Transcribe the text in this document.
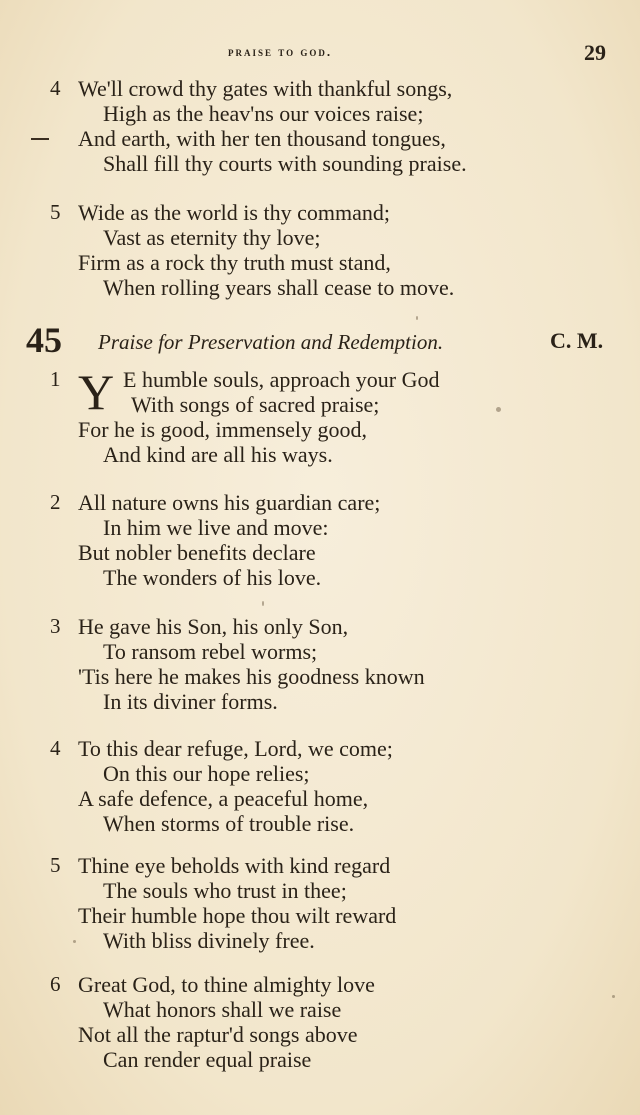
praise to god.	29
4 We'll crowd thy gates with thankful songs,
High as the heav'ns our voices raise;
And earth, with her ten thousand tongues,
Shall fill thy courts with sounding praise.
5 Wide as the world is thy command;
Vast as eternity thy love;
Firm as a rock thy truth must stand,
When rolling years shall cease to move.
45 Praise for Preservation and Redemption.	C. M.
1 Y E humble souls, approach your God
With songs of sacred praise;
For he is good, immensely good,
And kind are all his ways.
2 All nature owns his guardian care;
In him we live and move:
But nobler benefits declare
The wonders of his love.
3 He gave his Son, his only Son,
To ransom rebel worms;
'Tis here he makes his goodness known
In its diviner forms.
4 To this dear refuge, Lord, we come;
On this our hope relies;
A safe defence, a peaceful home,
When storms of trouble rise.
5 Thine eye beholds with kind regard
The souls who trust in thee;
Their humble hope thou wilt reward
With bliss divinely free.
6 Great God, to thine almighty love
What honors shall we raise
Not all the raptur'd songs above
Can render equal praise
